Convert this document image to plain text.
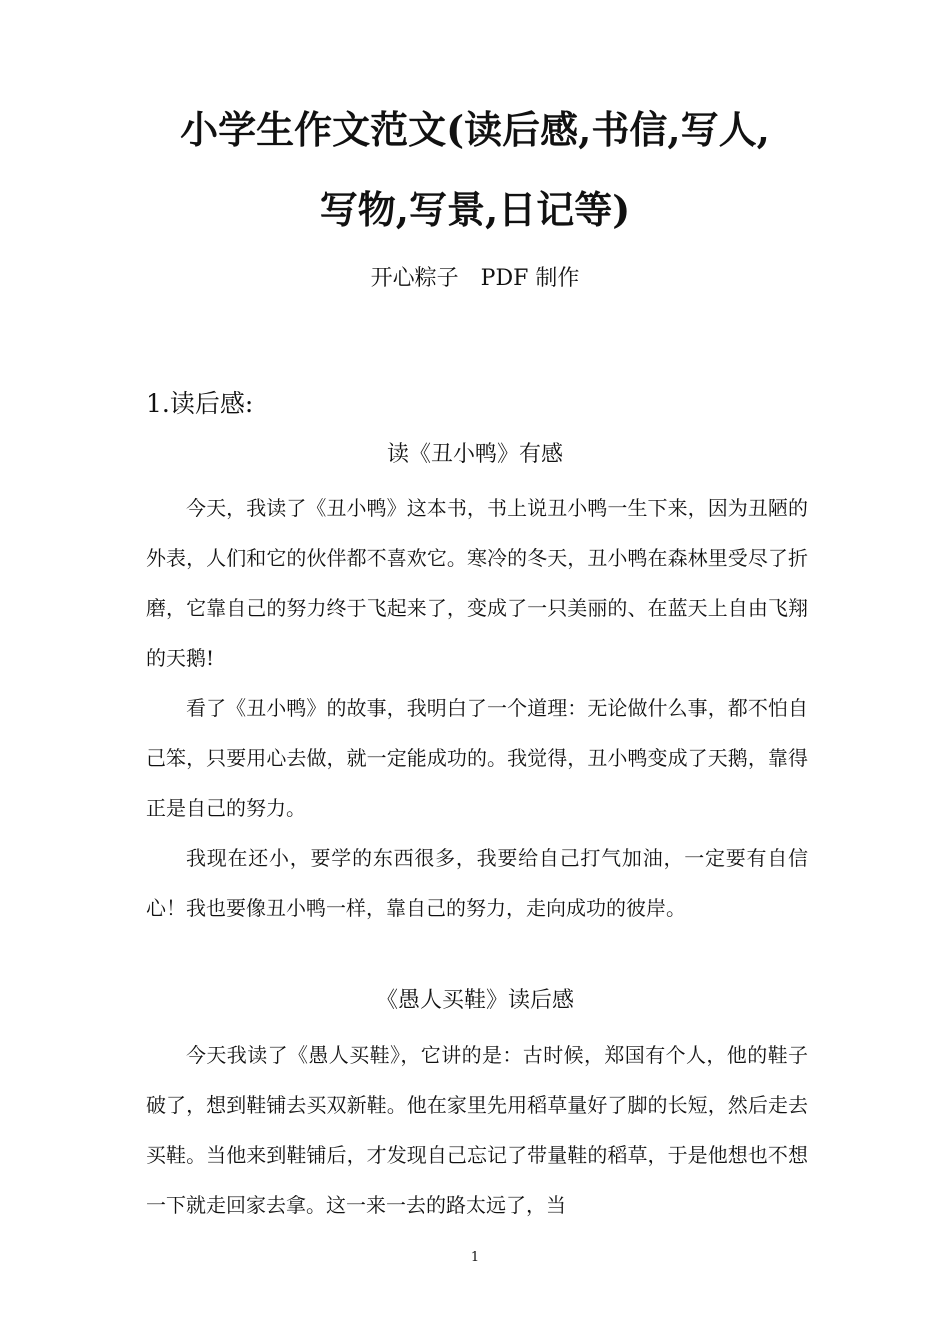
小学生作文范文(读后感,书信,写人,
写物,写景,日记等)
开心粽子　PDF 制作
1.读后感:
读《丑小鸭》有感

今天，我读了《丑小鸭》这本书，书上说丑小鸭一生下来，因为丑陋的外表，人们和它的伙伴都不喜欢它。寒冷的冬天，丑小鸭在森林里受尽了折磨，它靠自己的努力终于飞起来了，变成了一只美丽的、在蓝天上自由飞翔的天鹅!

看了《丑小鸭》的故事，我明白了一个道理：无论做什么事，都不怕自己笨，只要用心去做，就一定能成功的。我觉得，丑小鸭变成了天鹅，靠得正是自己的努力。

我现在还小，要学的东西很多，我要给自己打气加油，一定要有自信心！我也要像丑小鸭一样，靠自己的努力，走向成功的彼岸。

《愚人买鞋》读后感

今天我读了《愚人买鞋》，它讲的是：古时候，郑国有个人，他的鞋子破了，想到鞋铺去买双新鞋。他在家里先用稻草量好了脚的长短，然后走去买鞋。当他来到鞋铺后，才发现自己忘记了带量鞋的稻草，于是他想也不想一下就走回家去拿。这一来一去的路太远了，当

1
